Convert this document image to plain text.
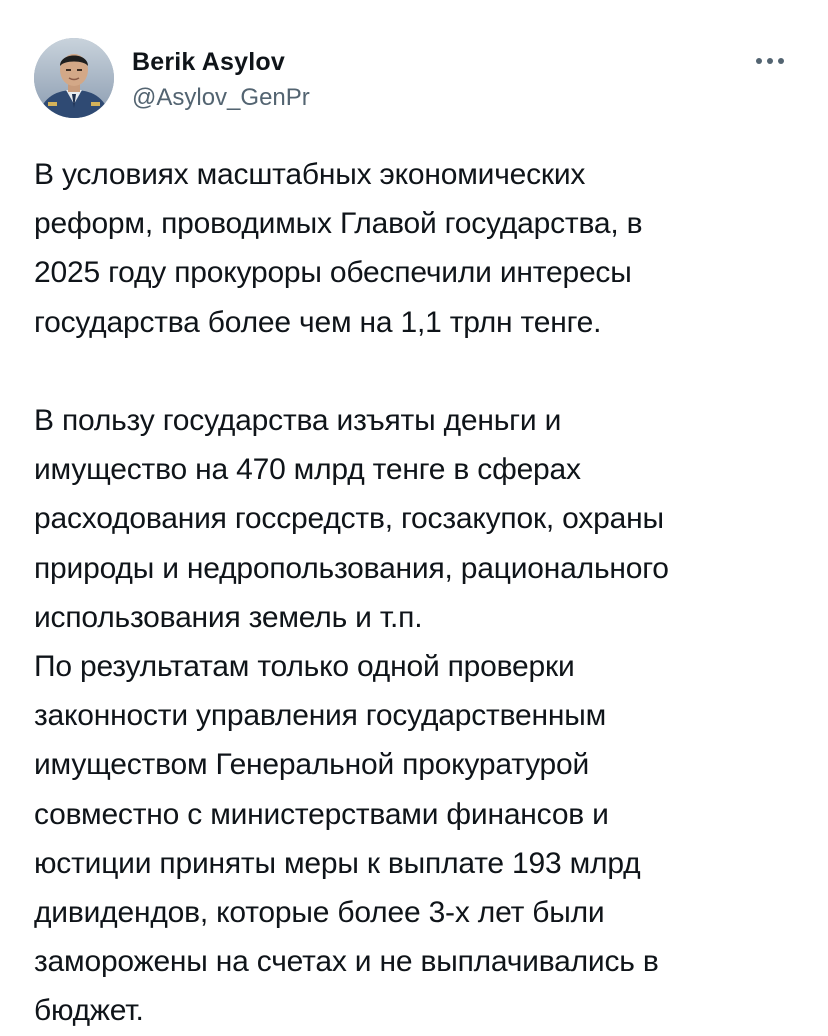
Berik Asylov
@Asylov_GenPr

В условиях масштабных экономических

реформ, проводимых Главой государства, в

2025 году прокуроры обеспечили интересы

государства более чем на 1,1 трлн тенге.

В пользу государства изъяты деньги и

имущество на 470 млрд тенге в сферах

расходования госсредств, госзакупок, охраны

природы и недропользования, рационального

использования земель и т.п.

По результатам только одной проверки

законности управления государственным

имуществом Генеральной прокуратурой

совместно с министерствами финансов и

юстиции приняты меры к выплате 193 млрд

дивидендов, которые более 3-х лет были

заморожены на счетах и не выплачивались в

бюджет.
